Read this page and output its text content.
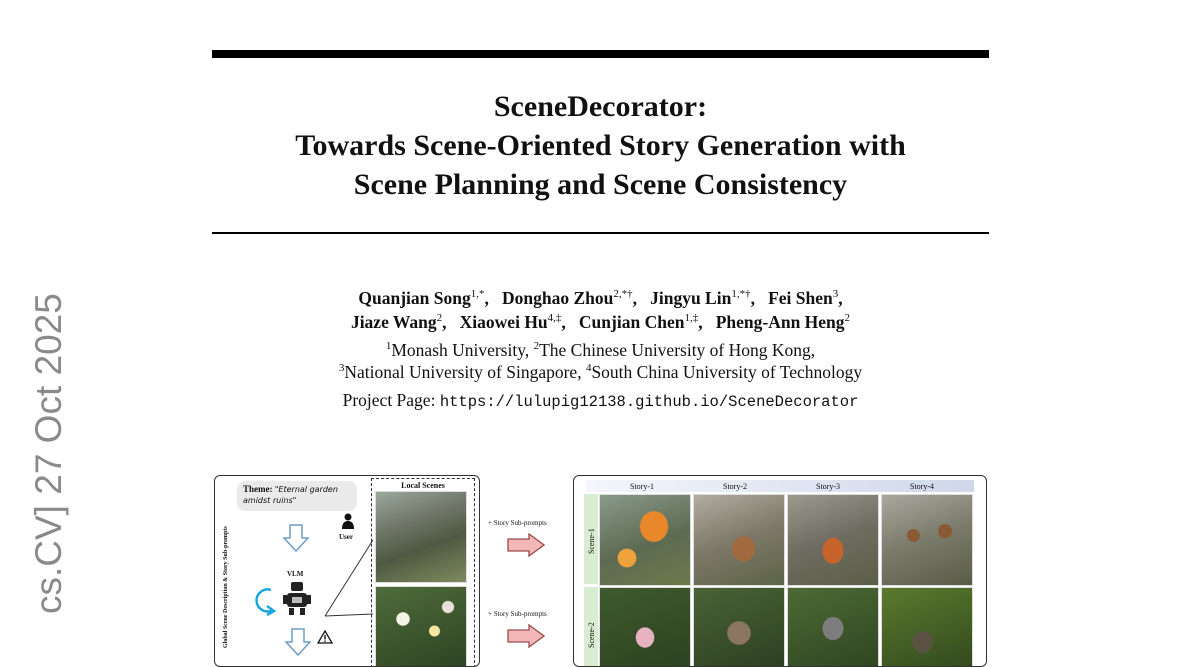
cs.CV] 27 Oct 2025
SceneDecorator:
Towards Scene-Oriented Story Generation with
Scene Planning and Scene Consistency
Quanjian Song$^{1,*}$,   Donghao Zhou$^{2,*\dagger}$,   Jingyu Lin$^{1,*\dagger}$,   Fei Shen$^3$,
Jiaze Wang$^2$,   Xiaowei $Hu^{4,\ddagger}$,   Cunjian Chen$^{1,\ddagger}$,   Pheng-Ann Heng$^2$
$^1$Monash University, $^2$The Chinese University of Hong Kong,
$^3$National University of Singapore, $^4$South China University of Technology
Project Page: https://lulupig12138.github.io/SceneDecorator
Global Scene Description & Story Sub-prompts
Theme: "Eternal garden amidst ruins"
User
VLM
Local Scenes
+ Story Sub-prompts
+ Story Sub-prompts
Story-1	Story-2	Story-3	Story-4
Scene-1
Scene-2
